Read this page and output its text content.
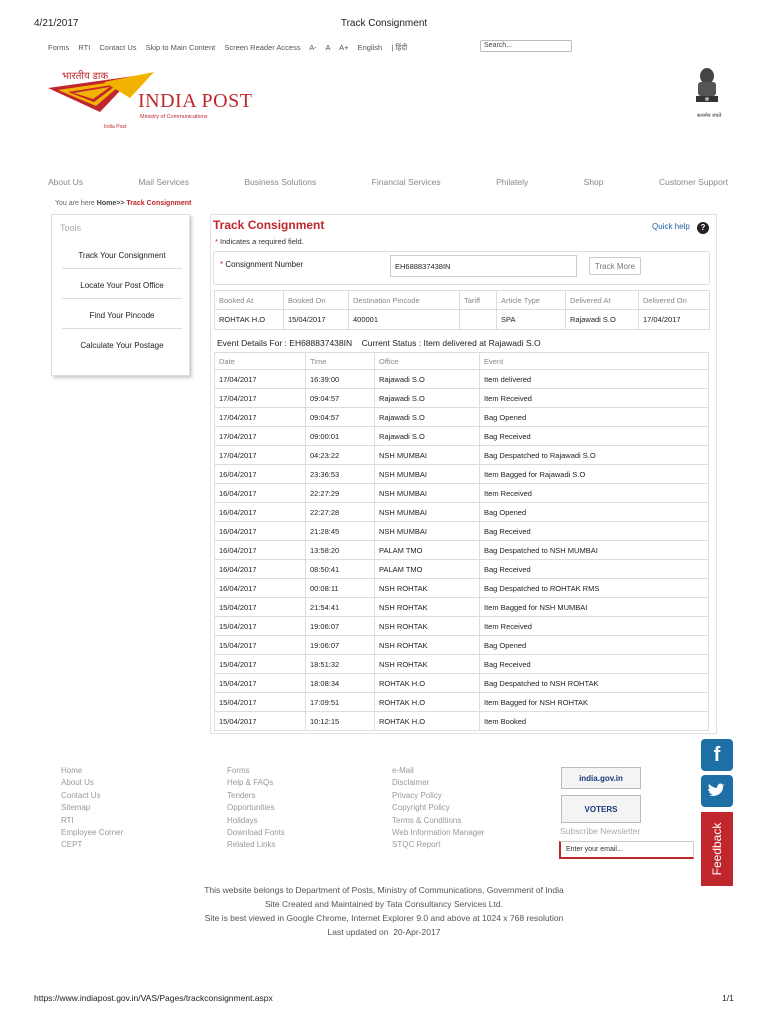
4/21/2017	Track Consignment
Forms RTI Contact Us Skip to Main Content Screen Reader Access A- A A+ English | हिंदी	Search...
भारतीय डाक
INDIA POST
Ministry of Communications
India Post
सत्यमेव जयते
About Us	Mail Services	Business Solutions	Financial Services	Philately	Shop	Customer Support
You are here Home>> Track Consignment
Tools
Track Your Consignment
Locate Your Post Office
Find Your Pincode
Calculate Your Postage
Track Consignment
* Indicates a required field.
Quick help	?
* Consignment Number	EH688837438IN	Track More
Booked At	Booked On	Destination Pincode	Tariff	Article Type	Delivered At	Delivered On
ROHTAK H.O	15/04/2017	400001		SPA	Rajawadi S.O	17/04/2017
Event Details For : EH688837438IN    Current Status : Item delivered at Rajawadi S.O
Date	Time	Office	Event
17/04/2017	16:39:00	Rajawadi S.O	Item delivered
17/04/2017	09:04:57	Rajawadi S.O	Item Received
17/04/2017	09:04:57	Rajawadi S.O	Bag Opened
17/04/2017	09:00:01	Rajawadi S.O	Bag Received
17/04/2017	04:23:22	NSH MUMBAI	Bag Despatched to Rajawadi S.O
16/04/2017	23:36:53	NSH MUMBAI	Item Bagged for Rajawadi S.O
16/04/2017	22:27:29	NSH MUMBAI	Item Received
16/04/2017	22:27:28	NSH MUMBAI	Bag Opened
16/04/2017	21:28:45	NSH MUMBAI	Bag Received
16/04/2017	13:58:20	PALAM TMO	Bag Despatched to NSH MUMBAI
16/04/2017	08:50:41	PALAM TMO	Bag Received
16/04/2017	00:08:11	NSH ROHTAK	Bag Despatched to ROHTAK RMS
15/04/2017	21:54:41	NSH ROHTAK	Item Bagged for NSH MUMBAI
15/04/2017	19:06:07	NSH ROHTAK	Item Received
15/04/2017	19:06:07	NSH ROHTAK	Bag Opened
15/04/2017	18:51:32	NSH ROHTAK	Bag Received
15/04/2017	18:08:34	ROHTAK H.O	Bag Despatched to NSH ROHTAK
15/04/2017	17:09:51	ROHTAK H.O	Item Bagged for NSH ROHTAK
15/04/2017	10:12:15	ROHTAK H.O	Item Booked
Home
About Us
Contact Us
Sitemap
RTI
Employee Corner
CEPT
Forms
Help & FAQs
Tenders
Opportunities
Holidays
Download Fonts
Related Links
e-Mail
Disclaimer
Privacy Policy
Copyright Policy
Terms & Conditions
Web Information Manager
STQC Report
india.gov.in
VOTERS
Subscribe Newsletter
Enter your email...
f
Feedback
This website belongs to Department of Posts, Ministry of Communications, Government of India
Site Created and Maintained by Tata Consultancy Services Ltd.
Site is best viewed in Google Chrome, Internet Explorer 9.0 and above at 1024 x 768 resolution
Last updated on  20-Apr-2017
https://www.indiapost.gov.in/VAS/Pages/trackconsignment.aspx	1/1
